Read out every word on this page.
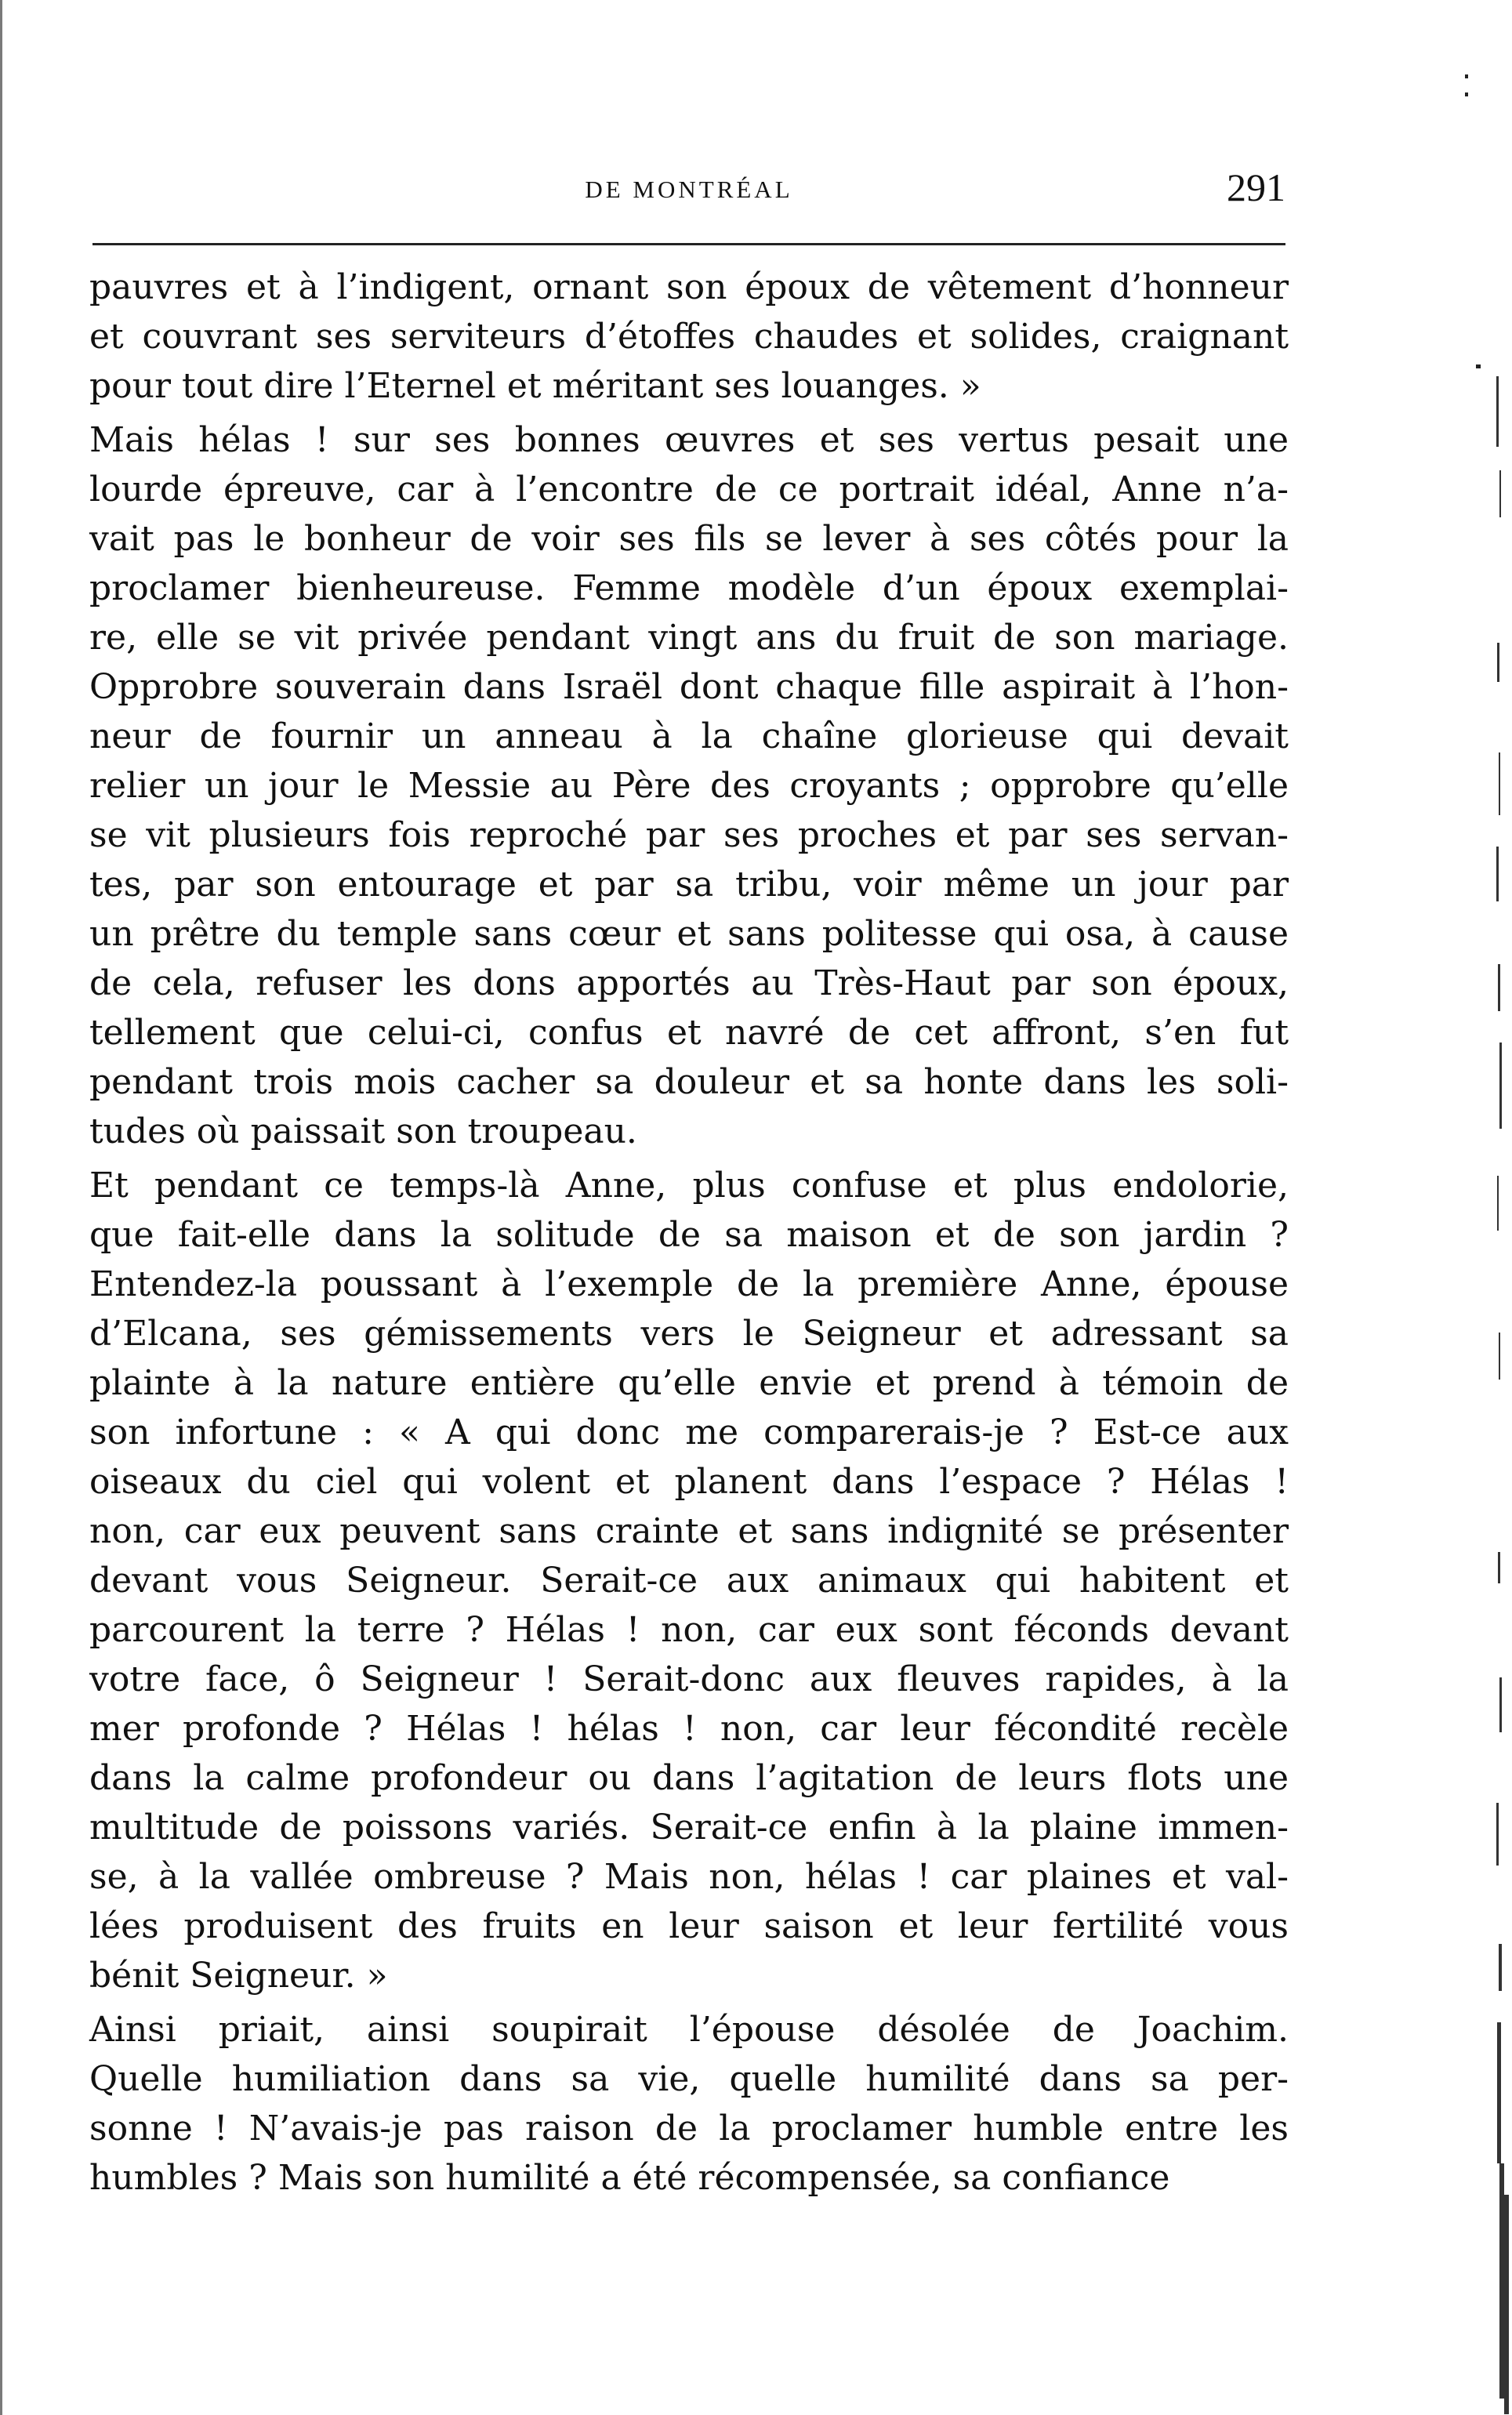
DE MONTRÉAL	291
pauvres et à l’indigent, ornant son époux de vêtement d’honneur
et couvrant ses serviteurs d’étoffes chaudes et solides, craignant
pour tout dire l’Eternel et méritant ses louanges. »
Mais hélas ! sur ses bonnes œuvres et ses vertus pesait une
lourde épreuve, car à l’encontre de ce portrait idéal, Anne n’a-
vait pas le bonheur de voir ses fils se lever à ses côtés pour la
proclamer bienheureuse. Femme modèle d’un époux exemplai-
re, elle se vit privée pendant vingt ans du fruit de son mariage.
Opprobre souverain dans Israël dont chaque fille aspirait à l’hon-
neur de fournir un anneau à la chaîne glorieuse qui devait
relier un jour le Messie au Père des croyants ; opprobre qu’elle
se vit plusieurs fois reproché par ses proches et par ses servan-
tes, par son entourage et par sa tribu, voir même un jour par
un prêtre du temple sans cœur et sans politesse qui osa, à cause
de cela, refuser les dons apportés au Très-Haut par son époux,
tellement que celui-ci, confus et navré de cet affront, s’en fut
pendant trois mois cacher sa douleur et sa honte dans les soli-
tudes où paissait son troupeau.
Et pendant ce temps-là Anne, plus confuse et plus endolorie,
que fait-elle dans la solitude de sa maison et de son jardin ?
Entendez-la poussant à l’exemple de la première Anne, épouse
d’Elcana, ses gémissements vers le Seigneur et adressant sa
plainte à la nature entière qu’elle envie et prend à témoin de
son infortune : « A qui donc me comparerais-je ? Est-ce aux
oiseaux du ciel qui volent et planent dans l’espace ? Hélas !
non, car eux peuvent sans crainte et sans indignité se présenter
devant vous Seigneur. Serait-ce aux animaux qui habitent et
parcourent la terre ? Hélas ! non, car eux sont féconds devant
votre face, ô Seigneur ! Serait-donc aux fleuves rapides, à la
mer profonde ? Hélas ! hélas ! non, car leur fécondité recèle
dans la calme profondeur ou dans l’agitation de leurs flots une
multitude de poissons variés. Serait-ce enfin à la plaine immen-
se, à la vallée ombreuse ? Mais non, hélas ! car plaines et val-
lées produisent des fruits en leur saison et leur fertilité vous
bénit Seigneur. »
Ainsi priait, ainsi soupirait l’épouse désolée de Joachim.
Quelle humiliation dans sa vie, quelle humilité dans sa per-
sonne ! N’avais-je pas raison de la proclamer humble entre les
humbles ? Mais son humilité a été récompensée, sa confiance
